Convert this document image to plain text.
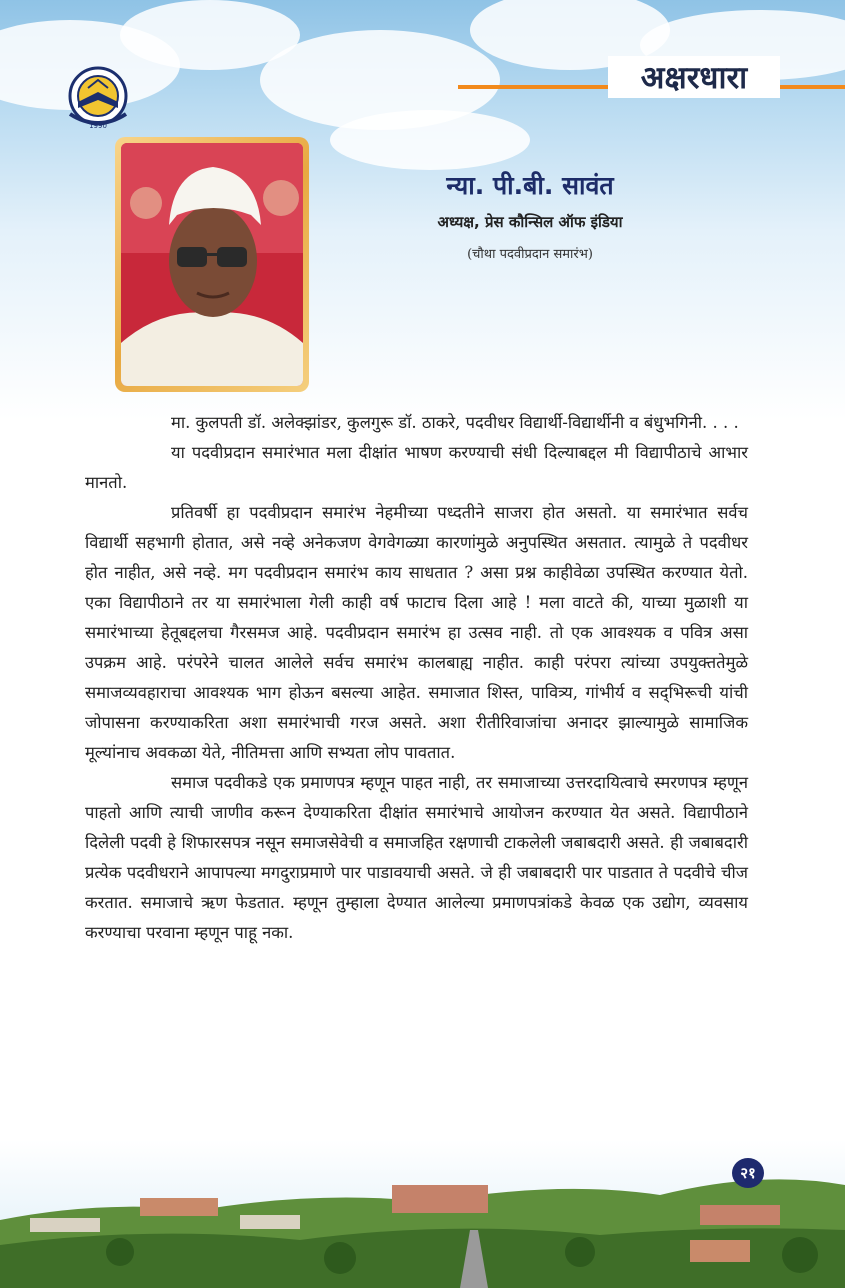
1990
अक्षरधारा
न्या. पी.बी. सावंत
अध्यक्ष, प्रेस कौन्सिल ऑफ इंडिया
(चौथा पदवीप्रदान समारंभ)

मा. कुलपती डॉ. अलेक्झांडर, कुलगुरू डॉ. ठाकरे, पदवीधर विद्यार्थी-विद्यार्थीनी व बंधुभगिनी. . . .

या पदवीप्रदान समारंभात मला दीक्षांत भाषण करण्याची संधी दिल्याबद्दल मी विद्यापीठाचे आभार मानतो.

प्रतिवर्षी हा पदवीप्रदान समारंभ नेहमीच्या पध्दतीने साजरा होत असतो. या समारंभात सर्वच विद्यार्थी सहभागी होतात, असे नव्हे अनेकजण वेगवेगळ्या कारणांमुळे अनुपस्थित असतात. त्यामुळे ते पदवीधर होत नाहीत, असे नव्हे. मग पदवीप्रदान समारंभ काय साधतात ? असा प्रश्न काहीवेळा उपस्थित करण्यात येतो. एका विद्यापीठाने तर या समारंभाला गेली काही वर्ष फाटाच दिला आहे ! मला वाटते की, याच्या मुळाशी या समारंभाच्या हेतूबद्दलचा गैरसमज आहे. पदवीप्रदान समारंभ हा उत्सव नाही. तो एक आवश्यक व पवित्र असा उपक्रम आहे. परंपरेने चालत आलेले सर्वच समारंभ कालबाह्य नाहीत. काही परंपरा त्यांच्या उपयुक्ततेमुळे समाजव्यवहाराचा आवश्यक भाग होऊन बसल्या आहेत. समाजात शिस्त, पावित्र्य, गांभीर्य व सद्‌भिरूची यांची जोपासना करण्याकरिता अशा समारंभाची गरज असते. अशा रीतीरिवाजांचा अनादर झाल्यामुळे सामाजिक मूल्यांनाच अवकळा येते, नीतिमत्ता आणि सभ्यता लोप पावतात.

समाज पदवीकडे एक प्रमाणपत्र म्हणून पाहत नाही, तर समाजाच्या उत्तरदायित्वाचे स्मरणपत्र म्हणून पाहतो आणि त्याची जाणीव करून देण्याकरिता दीक्षांत समारंभाचे आयोजन करण्यात येत असते. विद्यापीठाने दिलेली पदवी हे शिफारसपत्र नसून समाजसेवेची व समाजहित रक्षणाची टाकलेली जबाबदारी असते. ही जबाबदारी प्रत्येक पदवीधराने आपापल्या मगदुराप्रमाणे पार पाडावयाची असते. जे ही जबाबदारी पार पाडतात ते पदवीचे चीज करतात. समाजाचे ऋण फेडतात. म्हणून तुम्हाला देण्यात आलेल्या प्रमाणपत्रांकडे केवळ एक उद्योग, व्यवसाय करण्याचा परवाना म्हणून पाहू नका.

२१
